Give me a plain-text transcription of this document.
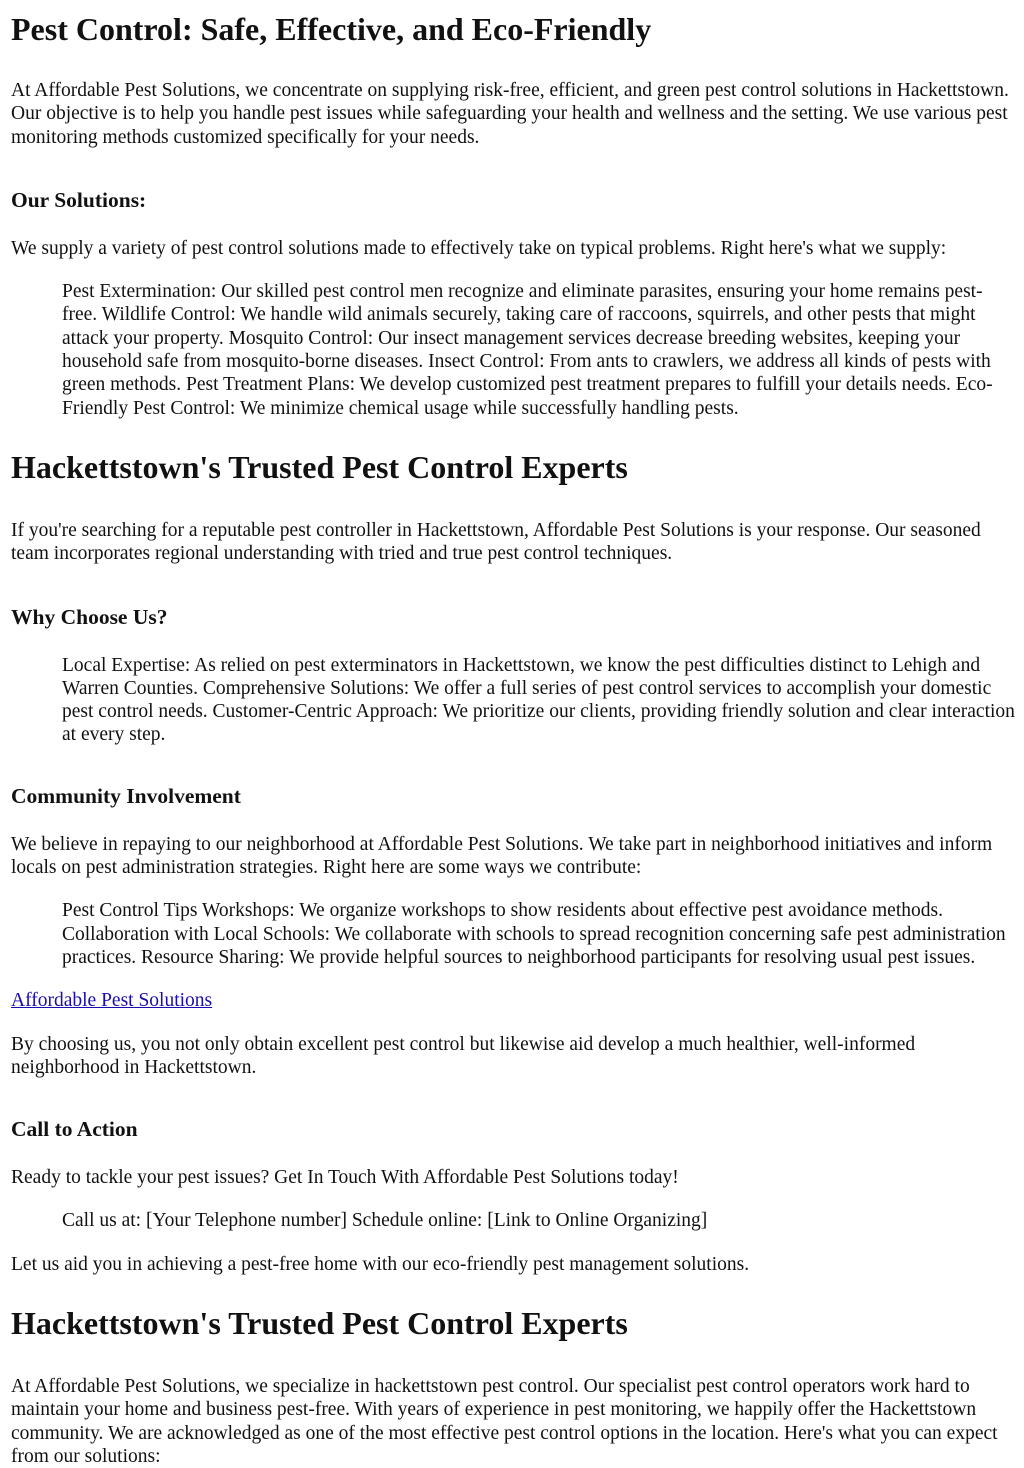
Pest Control: Safe, Effective, and Eco-Friendly

At Affordable Pest Solutions, we concentrate on supplying risk-free, efficient, and green pest control solutions in Hackettstown. Our objective is to help you handle pest issues while safeguarding your health and wellness and the setting. We use various pest monitoring methods customized specifically for your needs.

Our Solutions:

We supply a variety of pest control solutions made to effectively take on typical problems. Right here's what we supply:

Pest Extermination: Our skilled pest control men recognize and eliminate parasites, ensuring your home remains pest-free. Wildlife Control: We handle wild animals securely, taking care of raccoons, squirrels, and other pests that might attack your property. Mosquito Control: Our insect management services decrease breeding websites, keeping your household safe from mosquito-borne diseases. Insect Control: From ants to crawlers, we address all kinds of pests with green methods. Pest Treatment Plans: We develop customized pest treatment prepares to fulfill your details needs. Eco-Friendly Pest Control: We minimize chemical usage while successfully handling pests.

Hackettstown's Trusted Pest Control Experts

If you're searching for a reputable pest controller in Hackettstown, Affordable Pest Solutions is your response. Our seasoned team incorporates regional understanding with tried and true pest control techniques.

Why Choose Us?

Local Expertise: As relied on pest exterminators in Hackettstown, we know the pest difficulties distinct to Lehigh and Warren Counties. Comprehensive Solutions: We offer a full series of pest control services to accomplish your domestic pest control needs. Customer-Centric Approach: We prioritize our clients, providing friendly solution and clear interaction at every step.

Community Involvement

We believe in repaying to our neighborhood at Affordable Pest Solutions. We take part in neighborhood initiatives and inform locals on pest administration strategies. Right here are some ways we contribute:

Pest Control Tips Workshops: We organize workshops to show residents about effective pest avoidance methods. Collaboration with Local Schools: We collaborate with schools to spread recognition concerning safe pest administration practices. Resource Sharing: We provide helpful sources to neighborhood participants for resolving usual pest issues.

Affordable Pest Solutions

By choosing us, you not only obtain excellent pest control but likewise aid develop a much healthier, well-informed neighborhood in Hackettstown.

Call to Action

Ready to tackle your pest issues? Get In Touch With Affordable Pest Solutions today!

Call us at: [Your Telephone number] Schedule online: [Link to Online Organizing]

Let us aid you in achieving a pest-free home with our eco-friendly pest management solutions.

Hackettstown's Trusted Pest Control Experts

At Affordable Pest Solutions, we specialize in hackettstown pest control. Our specialist pest control operators work hard to maintain your home and business pest-free. With years of experience in pest monitoring, we happily offer the Hackettstown community. We are acknowledged as one of the most effective pest control options in the location. Here's what you can expect from our solutions:
